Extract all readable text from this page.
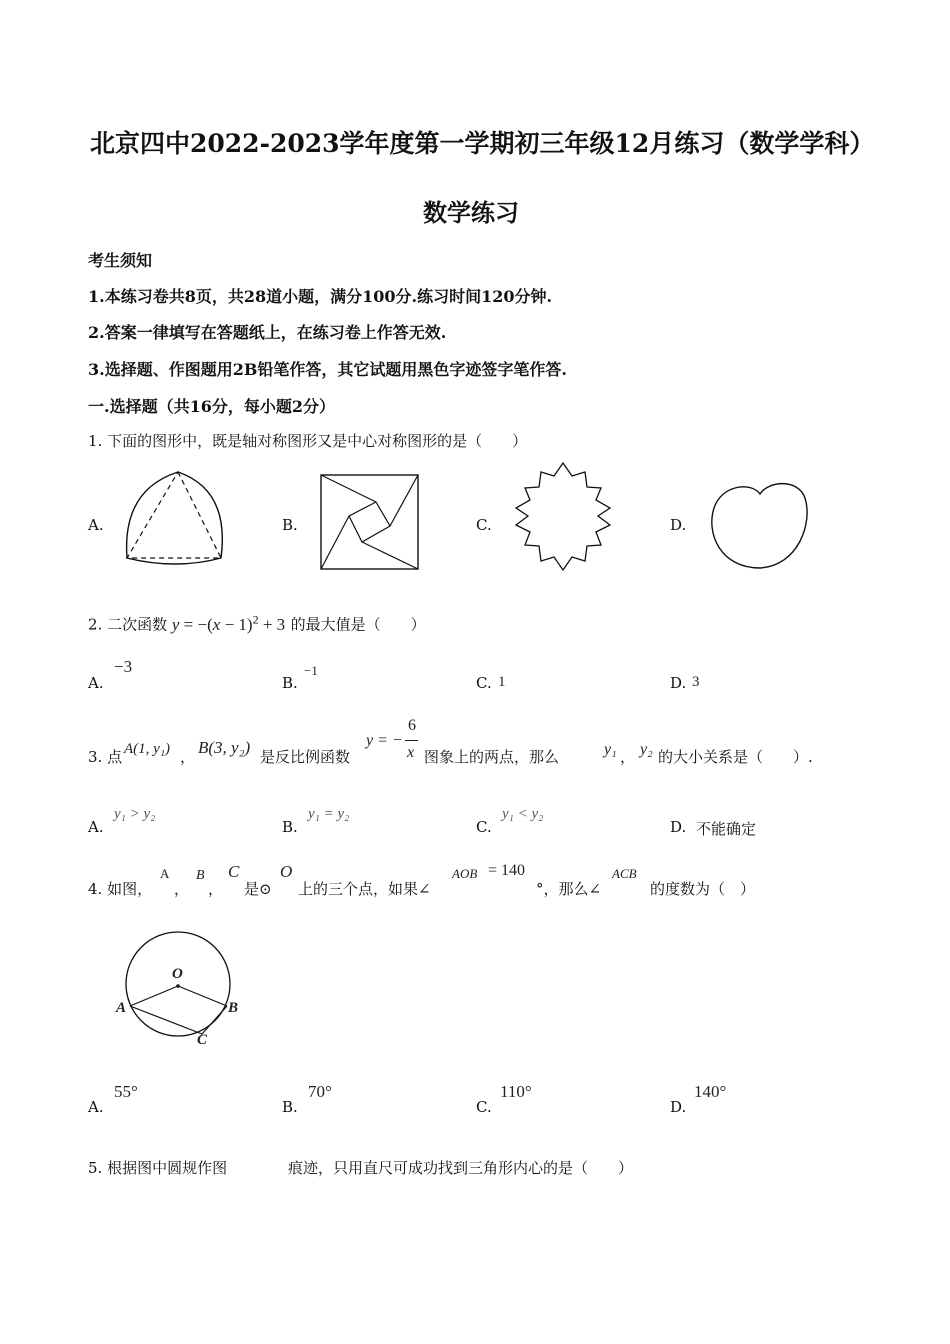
北京四中2022-2023学年度第一学期初三年级12月练习（数学学科）
数学练习
考生须知
1.本练习卷共8页，共28道小题，满分100分.练习时间120分钟.
2.答案一律填写在答题纸上，在练习卷上作答无效.
3.选择题、作图题用2B铅笔作答，其它试题用黑色字迹签字笔作答.
一.选择题（共16分，每小题2分）
1. 下面的图形中，既是轴对称图形又是中心对称图形的是（　　）
A.	B.	C.	D.
2. 二次函数 $y = -(x - 1)^2 + 3$ 的最大值是（　　）
A.
−3
B.
−1
C. 1	D. 3
3. 点 A(1, y₁) ， B(3, y₂) 是反比例函数
y = −
6
x 图象上的两点，那么	y₁ ， y₂ 的大小关系是（　　）.
A.
y₁ > y₂
B.
y₁ = y₂
C.
y₁ < y₂
D. 不能确定
4. 如图，
A
，
B
，
C
是⊙
O
上的三个点，如果∠
AOB = 140
°，那么∠
ACB
的度数为（　）
O
A	B
C
A.
55°
B.
70°
C.
110°
D.
140°
5. 根据图中圆规作图	痕迹，只用直尺可成功找到三角形内心的是（　　）
